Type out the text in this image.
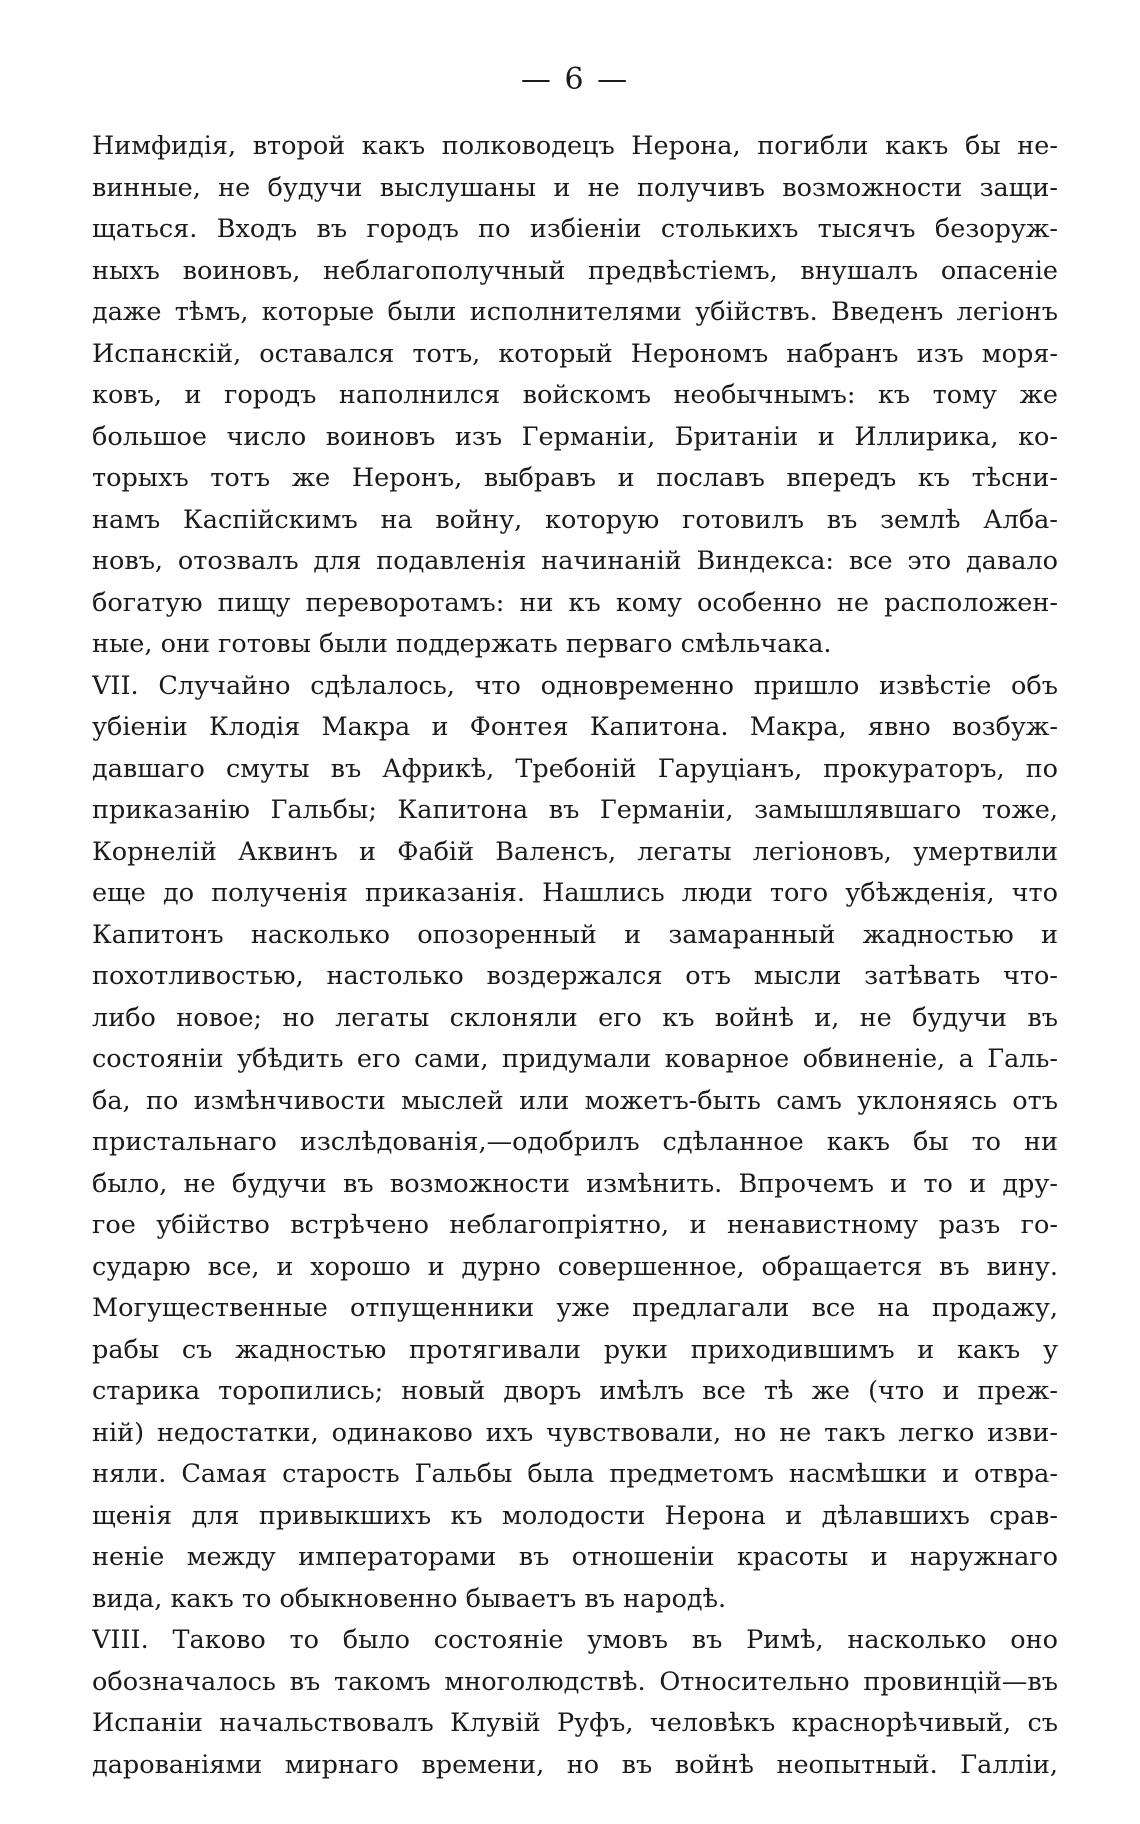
— 6 —
Нимфидія, второй какъ полководецъ Нерона, погибли какъ бы не-
винные, не будучи выслушаны и не получивъ возможности защи-
щаться. Входъ въ городъ по избіеніи столькихъ тысячъ безоруж-
ныхъ воиновъ, неблагополучный предвѣстіемъ, внушалъ опасеніе
даже тѣмъ, которые были исполнителями убійствъ. Введенъ легіонъ
Испанскій, оставался тотъ, который Нерономъ набранъ изъ моря-
ковъ, и городъ наполнился войскомъ необычнымъ: къ тому же
большое число воиновъ изъ Германіи, Британіи и Иллирика, ко-
торыхъ тотъ же Неронъ, выбравъ и пославъ впередъ къ тѣсни-
намъ Каспійскимъ на войну, которую готовилъ въ землѣ Алба-
новъ, отозвалъ для подавленія начинаній Виндекса: все это давало
богатую пищу переворотамъ: ни къ кому особенно не расположен-
ные, они готовы были поддержать перваго смѣльчака.
VII. Случайно сдѣлалось, что одновременно пришло извѣстіе объ
убіеніи Клодія Макра и Фонтея Капитона. Макра, явно возбуж-
давшаго смуты въ Африкѣ, Требоній Гаруціанъ, прокураторъ, по
приказанію Гальбы; Капитона въ Германіи, замышлявшаго тоже,
Корнелій Аквинъ и Фабій Валенсъ, легаты легіоновъ, умертвили
еще до полученія приказанія. Нашлись люди того убѣжденія, что
Капитонъ насколько опозоренный и замаранный жадностью и
похотливостью, настолько воздержался отъ мысли затѣвать что-
либо новое; но легаты склоняли его къ войнѣ и, не будучи въ
состояніи убѣдить его сами, придумали коварное обвиненіе, а Галь-
ба, по измѣнчивости мыслей или можетъ-быть самъ уклоняясь отъ
пристальнаго изслѣдованія,—одобрилъ сдѣланное какъ бы то ни
было, не будучи въ возможности измѣнить. Впрочемъ и то и дру-
гое убійство встрѣчено неблагопріятно, и ненавистному разъ го-
сударю все, и хорошо и дурно совершенное, обращается въ вину.
Могущественные отпущенники уже предлагали все на продажу,
рабы съ жадностью протягивали руки приходившимъ и какъ у
старика торопились; новый дворъ имѣлъ все тѣ же (что и преж-
ній) недостатки, одинаково ихъ чувствовали, но не такъ легко изви-
няли. Самая старость Гальбы была предметомъ насмѣшки и отвра-
щенія для привыкшихъ къ молодости Нерона и дѣлавшихъ срав-
неніе между императорами въ отношеніи красоты и наружнаго
вида, какъ то обыкновенно бываетъ въ народѣ.
VIII. Таково то было состояніе умовъ въ Римѣ, насколько оно
обозначалось въ такомъ многолюдствѣ. Относительно провинцій—въ
Испаніи начальствовалъ Клувій Руфъ, человѣкъ краснорѣчивый, съ
дарованіями мирнаго времени, но въ войнѣ неопытный. Галліи,
